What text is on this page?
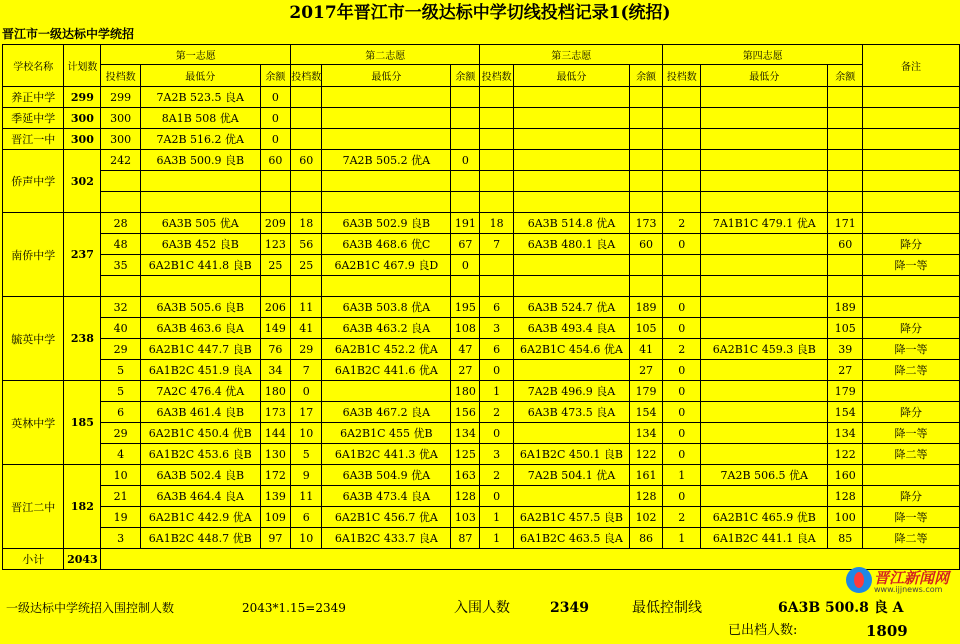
2017年晋江市一级达标中学切线投档记录1(统招)
晋江市一级达标中学统招
学校名称	计划数	第一志愿			第二志愿			第三志愿			第四志愿			备注
		投档数	最低分	余额	投档数	最低分	余额	投档数	最低分	余额	投档数	最低分	余额	
养正中学	299	299	7A2B 523.5 良A	0										
季延中学	300	300	8A1B 508 优A	0										
晋江一中	300	300	7A2B 516.2 优A	0										
侨声中学	302	242	6A3B 500.9 良B	60	60	7A2B 505.2 优A	0							

南侨中学	237	28	6A3B 505 优A	209	18	6A3B 502.9 良B	191	18	6A3B 514.8 优A	173	2	7A1B1C 479.1 优A	171	
		48	6A3B 452 良B	123	56	6A3B 468.6 优C	67	7	6A3B 480.1 良A	60	0		60	降分
		35	6A2B1C 441.8 良B	25	25	6A2B1C 467.9 良D	0							降一等

毓英中学	238	32	6A3B 505.6 良B	206	11	6A3B 503.8 优A	195	6	6A3B 524.7 优A	189	0		189	
		40	6A3B 463.6 良A	149	41	6A3B 463.2 良A	108	3	6A3B 493.4 良A	105	0		105	降分
		29	6A2B1C 447.7 良B	76	29	6A2B1C 452.2 优A	47	6	6A2B1C 454.6 优A	41	2	6A2B1C 459.3 良B	39	降一等
		5	6A1B2C 451.9 良A	34	7	6A1B2C 441.6 优A	27	0		27	0		27	降二等
英林中学	185	5	7A2C 476.4 优A	180	0		180	1	7A2B 496.9 良A	179	0		179	
		6	6A3B 461.4 良B	173	17	6A3B 467.2 良A	156	2	6A3B 473.5 良A	154	0		154	降分
		29	6A2B1C 450.4 优B	144	10	6A2B1C 455 优B	134	0		134	0		134	降一等
		4	6A1B2C 453.6 良B	130	5	6A1B2C 441.3 优A	125	3	6A1B2C 450.1 良B	122	0		122	降二等
晋江二中	182	10	6A3B 502.4 良B	172	9	6A3B 504.9 优A	163	2	7A2B 504.1 优A	161	1	7A2B 506.5 优A	160	
		21	6A3B 464.4 良A	139	11	6A3B 473.4 良A	128	0		128	0		128	降分
		19	6A2B1C 442.9 优A	109	6	6A2B1C 456.7 优A	103	1	6A2B1C 457.5 良B	102	2	6A2B1C 465.9 优B	100	降一等
		3	6A1B2C 448.7 优B	97	10	6A1B2C 433.7 良A	87	1	6A1B2C 463.5 良A	86	1	6A1B2C 441.1 良A	85	降二等
小计	2043													
一级达标中学统招入围控制人数	2043*1.15=2349	入围人数	2349	最低控制线	6A3B 500.8 良 A
已出档人数:	1809
晋江新闻网
www.ijjnews.com
